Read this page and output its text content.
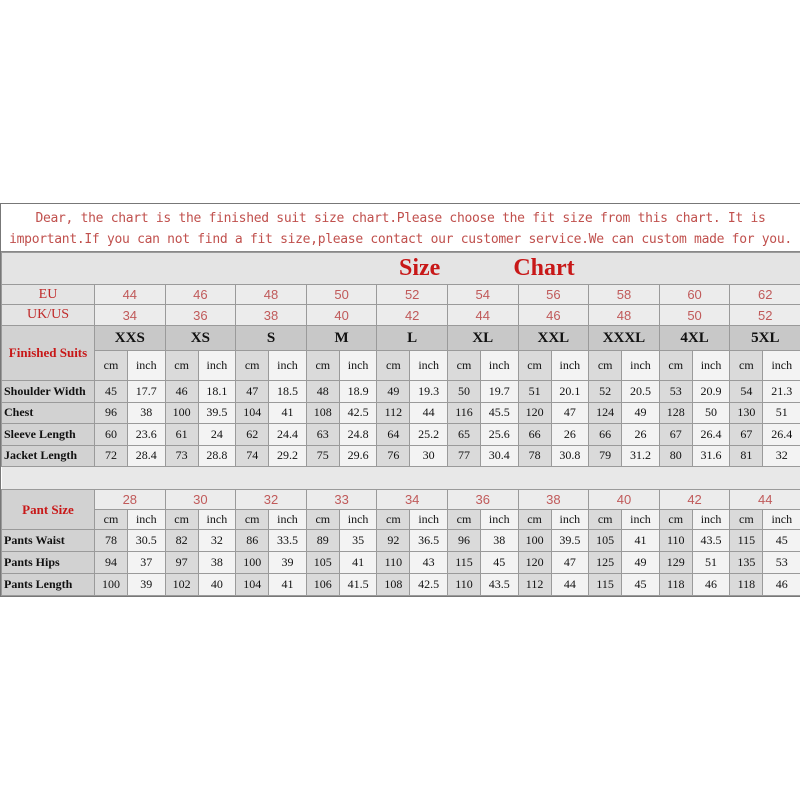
Dear, the chart is the finished suit size chart.Please choose the fit size from this chart. It is
important.If you can not find a fit size,please contact our customer service.We can custom made for you.
Size Chart																				
EU	44		46		48		50		52		54		56		58		60		62	
UK/US	34		36		38		40		42		44		46		48		50		52	
Finished Suits	XXS		XS		S		M		L		XL		XXL		XXXL		4XL		5XL	
	cm	inch	cm	inch	cm	inch	cm	inch	cm	inch	cm	inch	cm	inch	cm	inch	cm	inch	cm	inch
Shoulder Width	45	17.7	46	18.1	47	18.5	48	18.9	49	19.3	50	19.7	51	20.1	52	20.5	53	20.9	54	21.3
Chest	96	38	100	39.5	104	41	108	42.5	112	44	116	45.5	120	47	124	49	128	50	130	51
Sleeve Length	60	23.6	61	24	62	24.4	63	24.8	64	25.2	65	25.6	66	26	66	26	67	26.4	67	26.4
Jacket Length	72	28.4	73	28.8	74	29.2	75	29.6	76	30	77	30.4	78	30.8	79	31.2	80	31.6	81	32

Pant Size	28		30		32		33		34		36		38		40		42		44	
	cm	inch	cm	inch	cm	inch	cm	inch	cm	inch	cm	inch	cm	inch	cm	inch	cm	inch	cm	inch
Pants Waist	78	30.5	82	32	86	33.5	89	35	92	36.5	96	38	100	39.5	105	41	110	43.5	115	45
Pants Hips	94	37	97	38	100	39	105	41	110	43	115	45	120	47	125	49	129	51	135	53
Pants Length	100	39	102	40	104	41	106	41.5	108	42.5	110	43.5	112	44	115	45	118	46	118	46
